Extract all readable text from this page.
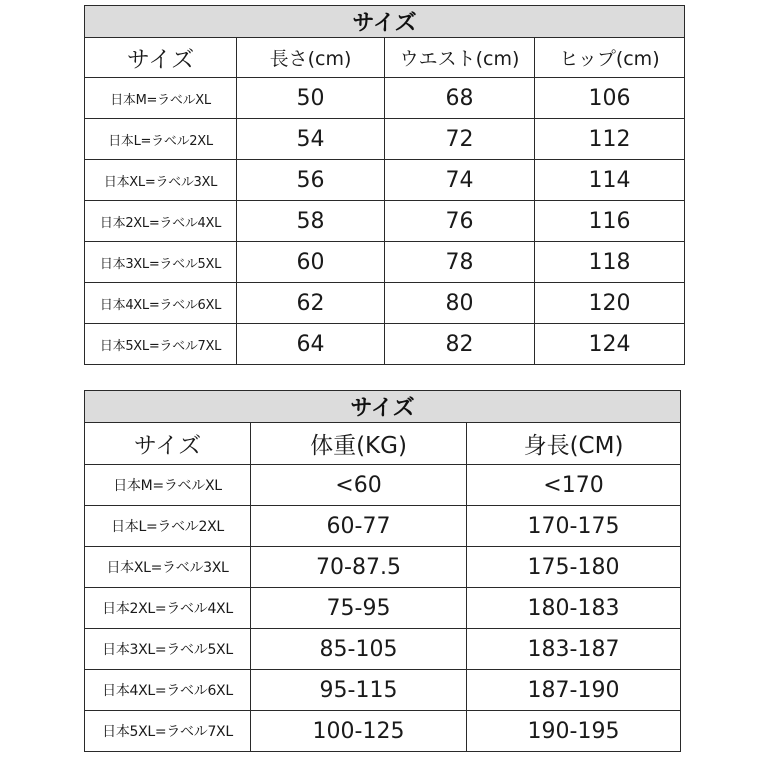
サイズ			
サイズ	長さ(cm)	ウエスト(cm)	ヒップ(cm)
日本M=ラベルXL	50	68	106
日本L=ラベル2XL	54	72	112
日本XL=ラベル3XL	56	74	114
日本2XL=ラベル4XL	58	76	116
日本3XL=ラベル5XL	60	78	118
日本4XL=ラベル6XL	62	80	120
日本5XL=ラベル7XL	64	82	124
サイズ		
サイズ	体重(KG)	身長(CM)
日本M=ラベルXL	<60	<170
日本L=ラベル2XL	60-77	170-175
日本XL=ラベル3XL	70-87.5	175-180
日本2XL=ラベル4XL	75-95	180-183
日本3XL=ラベル5XL	85-105	183-187
日本4XL=ラベル6XL	95-115	187-190
日本5XL=ラベル7XL	100-125	190-195
